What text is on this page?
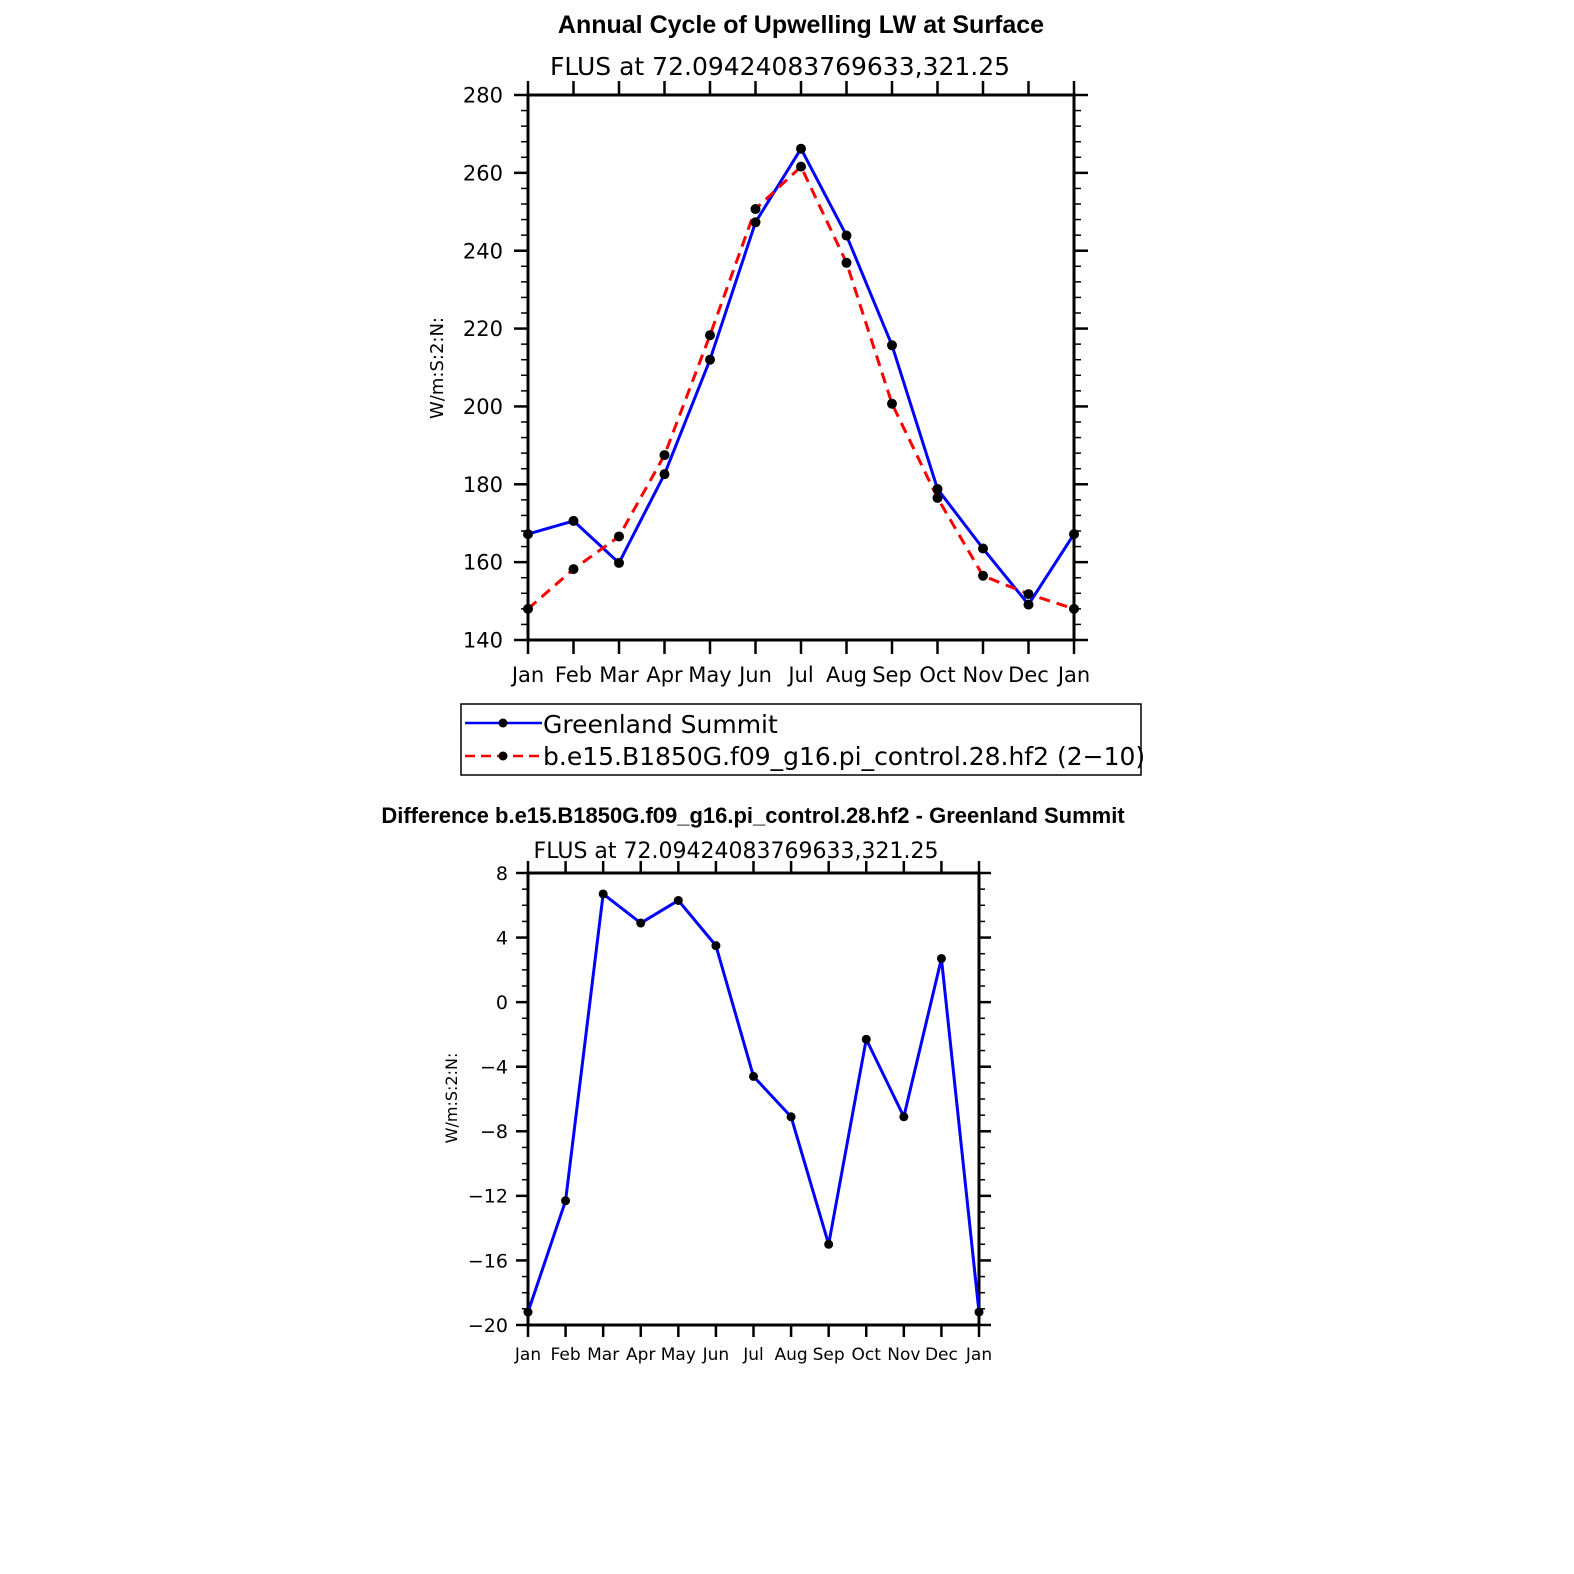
Annual Cycle of Upwelling LW at Surface
FLUS at 72.09424083769633,321.25
W/m:S:2:N:
140
160
180
200
220
240
260
280
Jan Feb Mar Apr May Jun Jul Aug Sep Oct Nov Dec Jan
Greenland Summit
b.e15.B1850G.f09_g16.pi_control.28.hf2 (2−10)
Difference b.e15.B1850G.f09_g16.pi_control.28.hf2 - Greenland Summit
FLUS at 72.09424083769633,321.25
W/m:S:2:N:
−20
−16
−12
−8
−4
0
4
8
Jan Feb Mar Apr May Jun Jul Aug Sep Oct Nov Dec Jan
